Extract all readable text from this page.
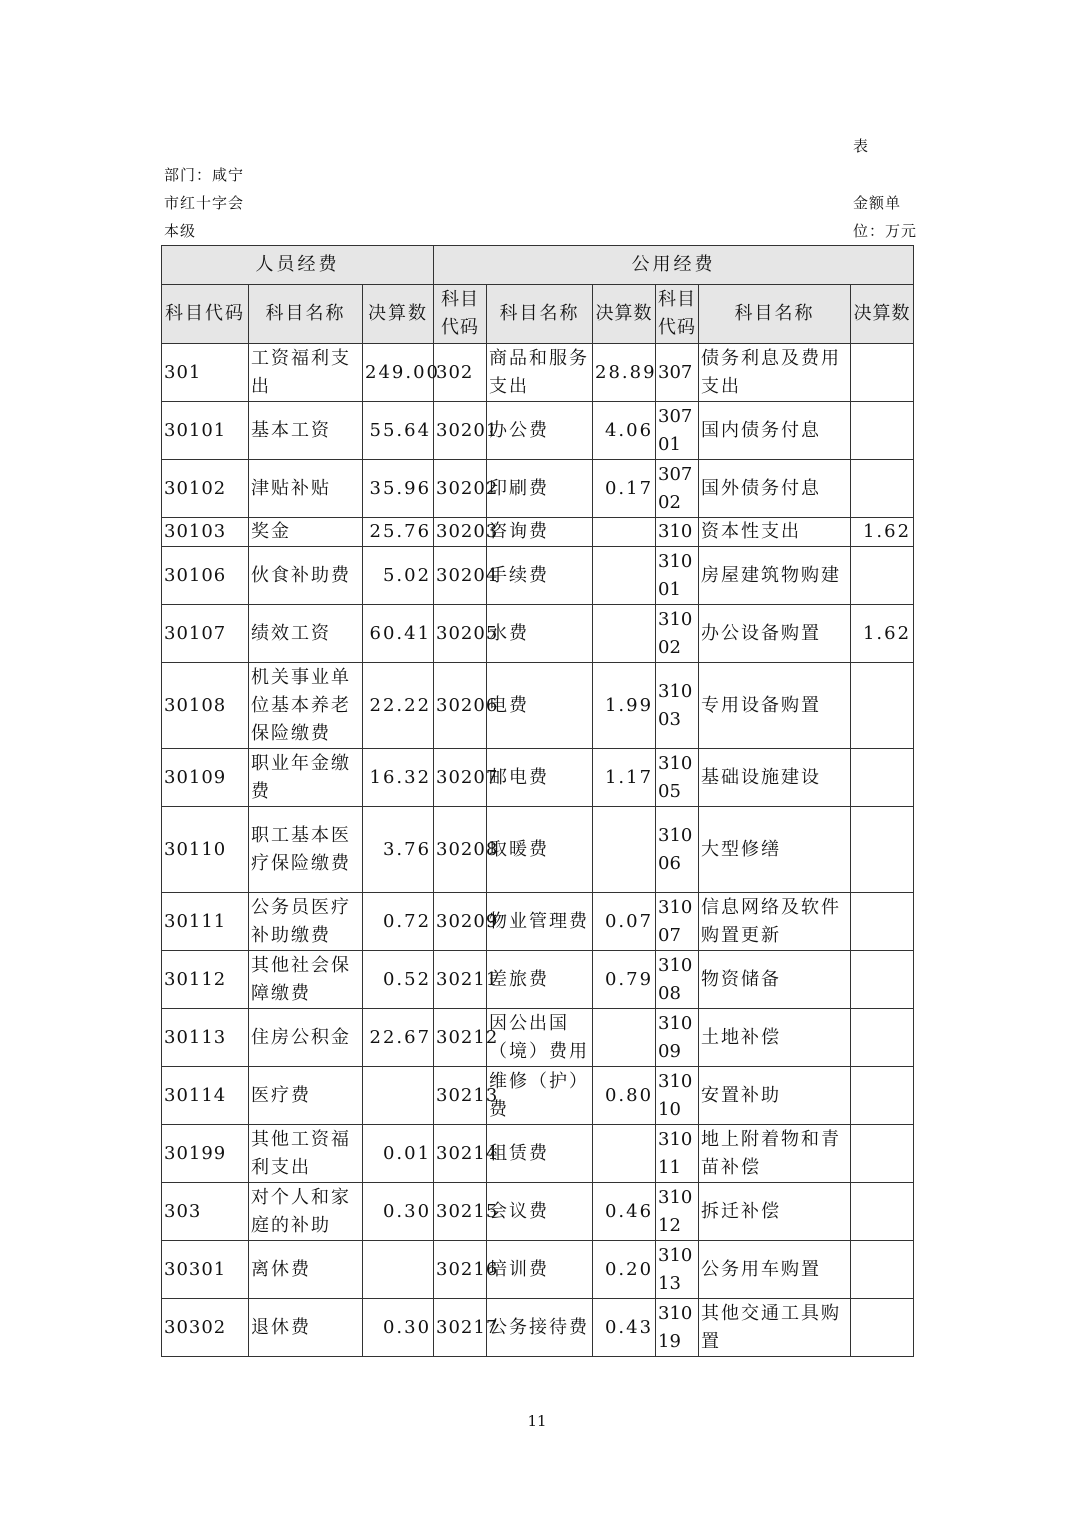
表
部门：咸宁
市红十字会
本级
金额单
位：万元
人员经费			公用经费					
科目代码	科目名称	决算数	科目代码	科目名称	决算数	科目代码	科目名称	决算数
301	工资福利支出	249.00	302	商品和服务支出	28.89	307	债务利息及费用支出	
30101	基本工资	55.64	30201	办公费	4.06	30701	国内债务付息	
30102	津贴补贴	35.96	30202	印刷费	0.17	30702	国外债务付息	
30103	奖金	25.76	30203	咨询费		310	资本性支出	1.62
30106	伙食补助费	5.02	30204	手续费		31001	房屋建筑物购建	
30107	绩效工资	60.41	30205	水费		31002	办公设备购置	1.62
30108	机关事业单位基本养老保险缴费	22.22	30206	电费	1.99	31003	专用设备购置	
30109	职业年金缴费	16.32	30207	邮电费	1.17	31005	基础设施建设	
30110	职工基本医疗保险缴费	3.76	30208	取暖费		31006	大型修缮	
30111	公务员医疗补助缴费	0.72	30209	物业管理费	0.07	31007	信息网络及软件购置更新	
30112	其他社会保障缴费	0.52	30211	差旅费	0.79	31008	物资储备	
30113	住房公积金	22.67	30212	因公出国（境）费用		31009	土地补偿	
30114	医疗费		30213	维修（护）费	0.80	31010	安置补助	
30199	其他工资福利支出	0.01	30214	租赁费		31011	地上附着物和青苗补偿	
303	对个人和家庭的补助	0.30	30215	会议费	0.46	31012	拆迁补偿	
30301	离休费		30216	培训费	0.20	31013	公务用车购置	
30302	退休费	0.30	30217	公务接待费	0.43	31019	其他交通工具购置	
11
